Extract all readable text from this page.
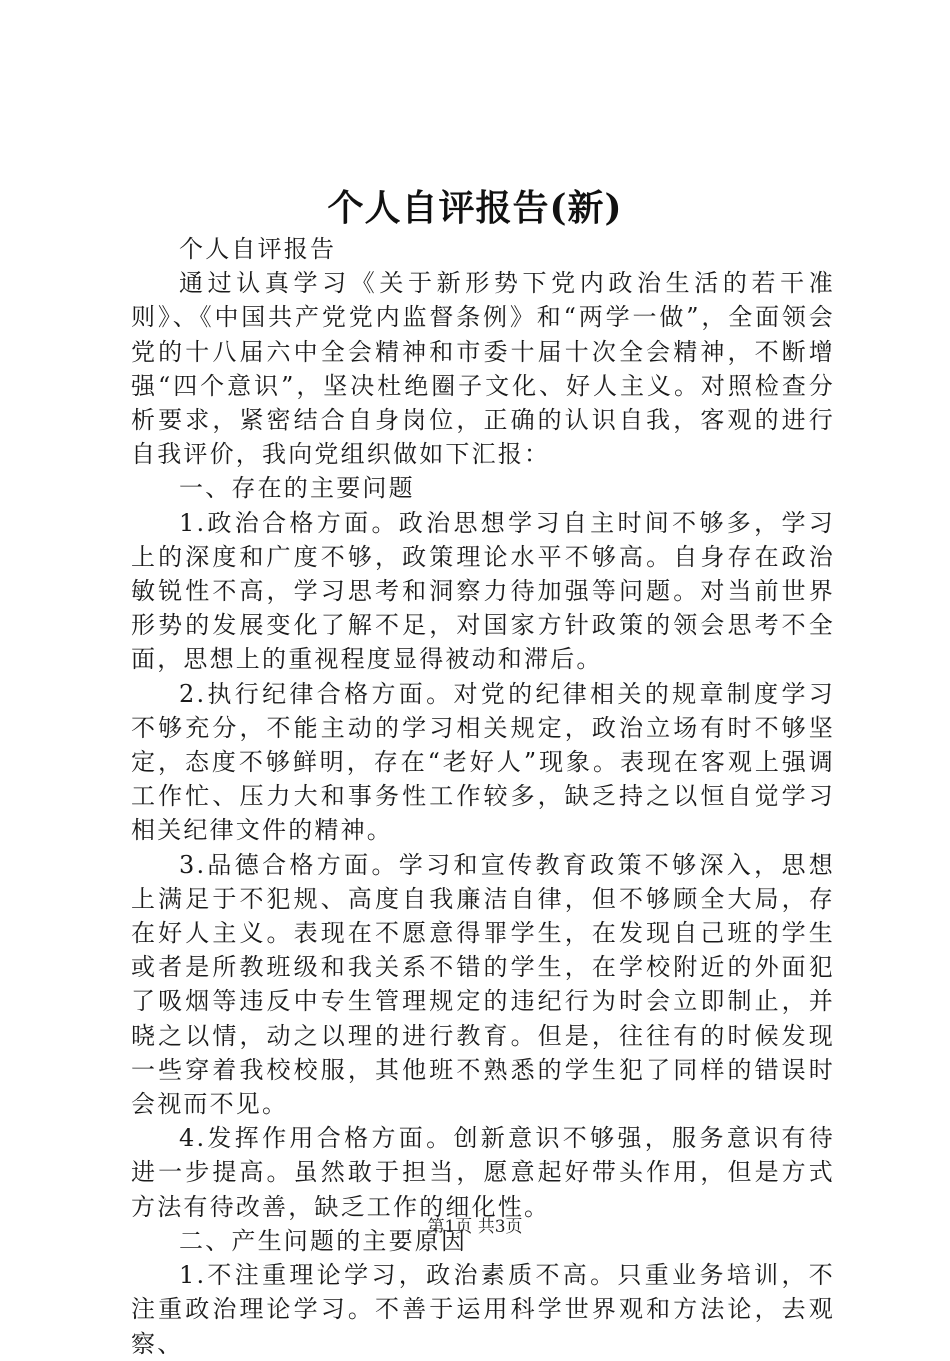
个人自评报告(新)

个人自评报告

通过认真学习《关于新形势下党内政治生活的若干准则》、《中国共产党党内监督条例》和“两学一做”，全面领会党的十八届六中全会精神和市委十届十次全会精神，不断增强“四个意识”，坚决杜绝圈子文化、好人主义。对照检查分析要求，紧密结合自身岗位，正确的认识自我，客观的进行自我评价，我向党组织做如下汇报：

一、存在的主要问题

1.政治合格方面。政治思想学习自主时间不够多，学习上的深度和广度不够，政策理论水平不够高。自身存在政治敏锐性不高，学习思考和洞察力待加强等问题。对当前世界形势的发展变化了解不足，对国家方针政策的领会思考不全面，思想上的重视程度显得被动和滞后。

2.执行纪律合格方面。对党的纪律相关的规章制度学习不够充分，不能主动的学习相关规定，政治立场有时不够坚定，态度不够鲜明，存在“老好人”现象。表现在客观上强调工作忙、压力大和事务性工作较多，缺乏持之以恒自觉学习相关纪律文件的精神。

3.品德合格方面。学习和宣传教育政策不够深入，思想上满足于不犯规、高度自我廉洁自律，但不够顾全大局，存在好人主义。表现在不愿意得罪学生，在发现自己班的学生或者是所教班级和我关系不错的学生，在学校附近的外面犯了吸烟等违反中专生管理规定的违纪行为时会立即制止，并晓之以情，动之以理的进行教育。但是，往往有的时候发现一些穿着我校校服，其他班不熟悉的学生犯了同样的错误时会视而不见。

4.发挥作用合格方面。创新意识不够强，服务意识有待进一步提高。虽然敢于担当，愿意起好带头作用，但是方式方法有待改善，缺乏工作的细化性。

二、产生问题的主要原因

1.不注重理论学习，政治素质不高。只重业务培训，不注重政治理论学习。不善于运用科学世界观和方法论，去观察、

第1页 共3页
